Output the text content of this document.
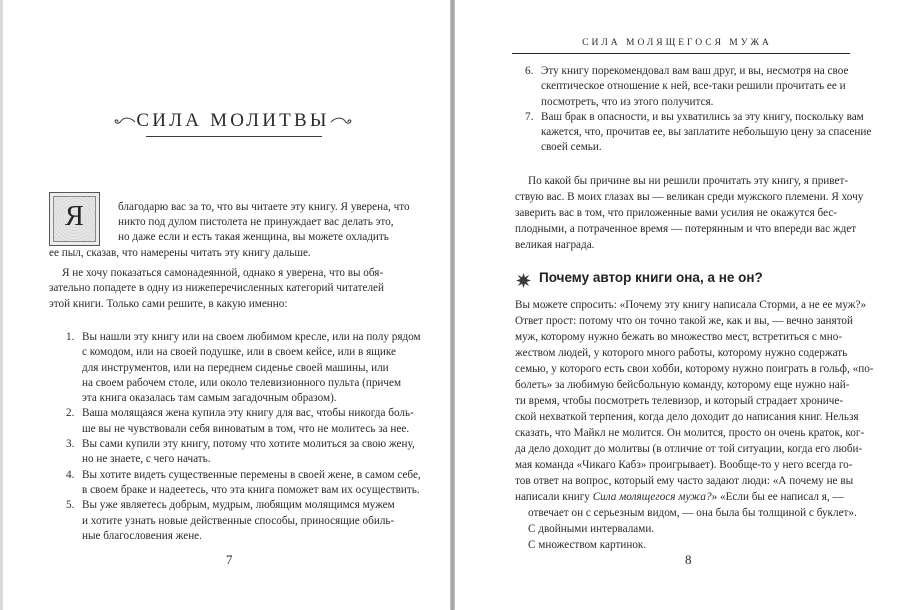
СИЛА МОЛИТВЫ
Я	благодарю вас за то, что вы читаете эту книгу. Я уверена, что
никто под дулом пистолета не принуждает вас делать это,
но даже если и есть такая женщина, вы можете охладить
ее пыл, сказав, что намерены читать эту книгу дальше.
Я не хочу показаться самонадеянной, однако я уверена, что вы обя-
зательно попадете в одну из нижеперечисленных категорий читателей
этой книги. Только сами решите, в какую именно:
1. Вы нашли эту книгу или на своем любимом кресле, или на полу рядом
с комодом, или на своей подушке, или в своем кейсе, или в ящике
для инструментов, или на переднем сиденье своей машины, или
на своем рабочем столе, или около телевизионного пульта (причем
эта книга оказалась там самым загадочным образом).
2. Ваша молящаяся жена купила эту книгу для вас, чтобы никогда боль-
ше вы не чувствовали себя виноватым в том, что не молитесь за нее.
3. Вы сами купили эту книгу, потому что хотите молиться за свою жену,
но не знаете, с чего начать.
4. Вы хотите видеть существенные перемены в своей жене, в самом себе,
в своем браке и надеетесь, что эта книга поможет вам их осуществить.
5. Вы уже являетесь добрым, мудрым, любящим молящимся мужем
и хотите узнать новые действенные способы, приносящие обиль-
ные благословения жене.
7
СИЛА МОЛЯЩЕГОСЯ МУЖА
6. Эту книгу порекомендовал вам ваш друг, и вы, несмотря на свое
скептическое отношение к ней, все-таки решили прочитать ее и
посмотреть, что из этого получится.
7. Ваш брак в опасности, и вы ухватились за эту книгу, поскольку вам
кажется, что, прочитав ее, вы заплатите небольшую цену за спасение
своей семьи.
По какой бы причине вы ни решили прочитать эту книгу, я привет-
ствую вас. В моих глазах вы — великан среди мужского племени. Я хочу
заверить вас в том, что приложенные вами усилия не окажутся бес-
плодными, а потраченное время — потерянным и что впереди вас ждет
великая награда.
Почему автор книги она, а не он?
Вы можете спросить: «Почему эту книгу написала Сторми, а не ее муж?»
Ответ прост: потому что он точно такой же, как и вы, — вечно занятой
муж, которому нужно бежать во множество мест, встретиться с мно-
жеством людей, у которого много работы, которому нужно содержать
семью, у которого есть свои хобби, которому нужно поиграть в гольф, «по-
болеть» за любимую бейсбольную команду, которому еще нужно най-
ти время, чтобы посмотреть телевизор, и который страдает хрониче-
ской нехваткой терпения, когда дело доходит до написания книг. Нельзя
сказать, что Майкл не молится. Он молится, просто он очень краток, ког-
да дело доходит до молитвы (в отличие от той ситуации, когда его люби-
мая команда «Чикаго Кабз» проигрывает). Вообще-то у него всегда го-
тов ответ на вопрос, который ему часто задают люди: «А почему не вы
написали книгу Сила молящегося мужа?» «Если бы ее написал я, —
отвечает он с серьезным видом, — она была бы толщиной с буклет».
С двойными интервалами.
С множеством картинок.
8
